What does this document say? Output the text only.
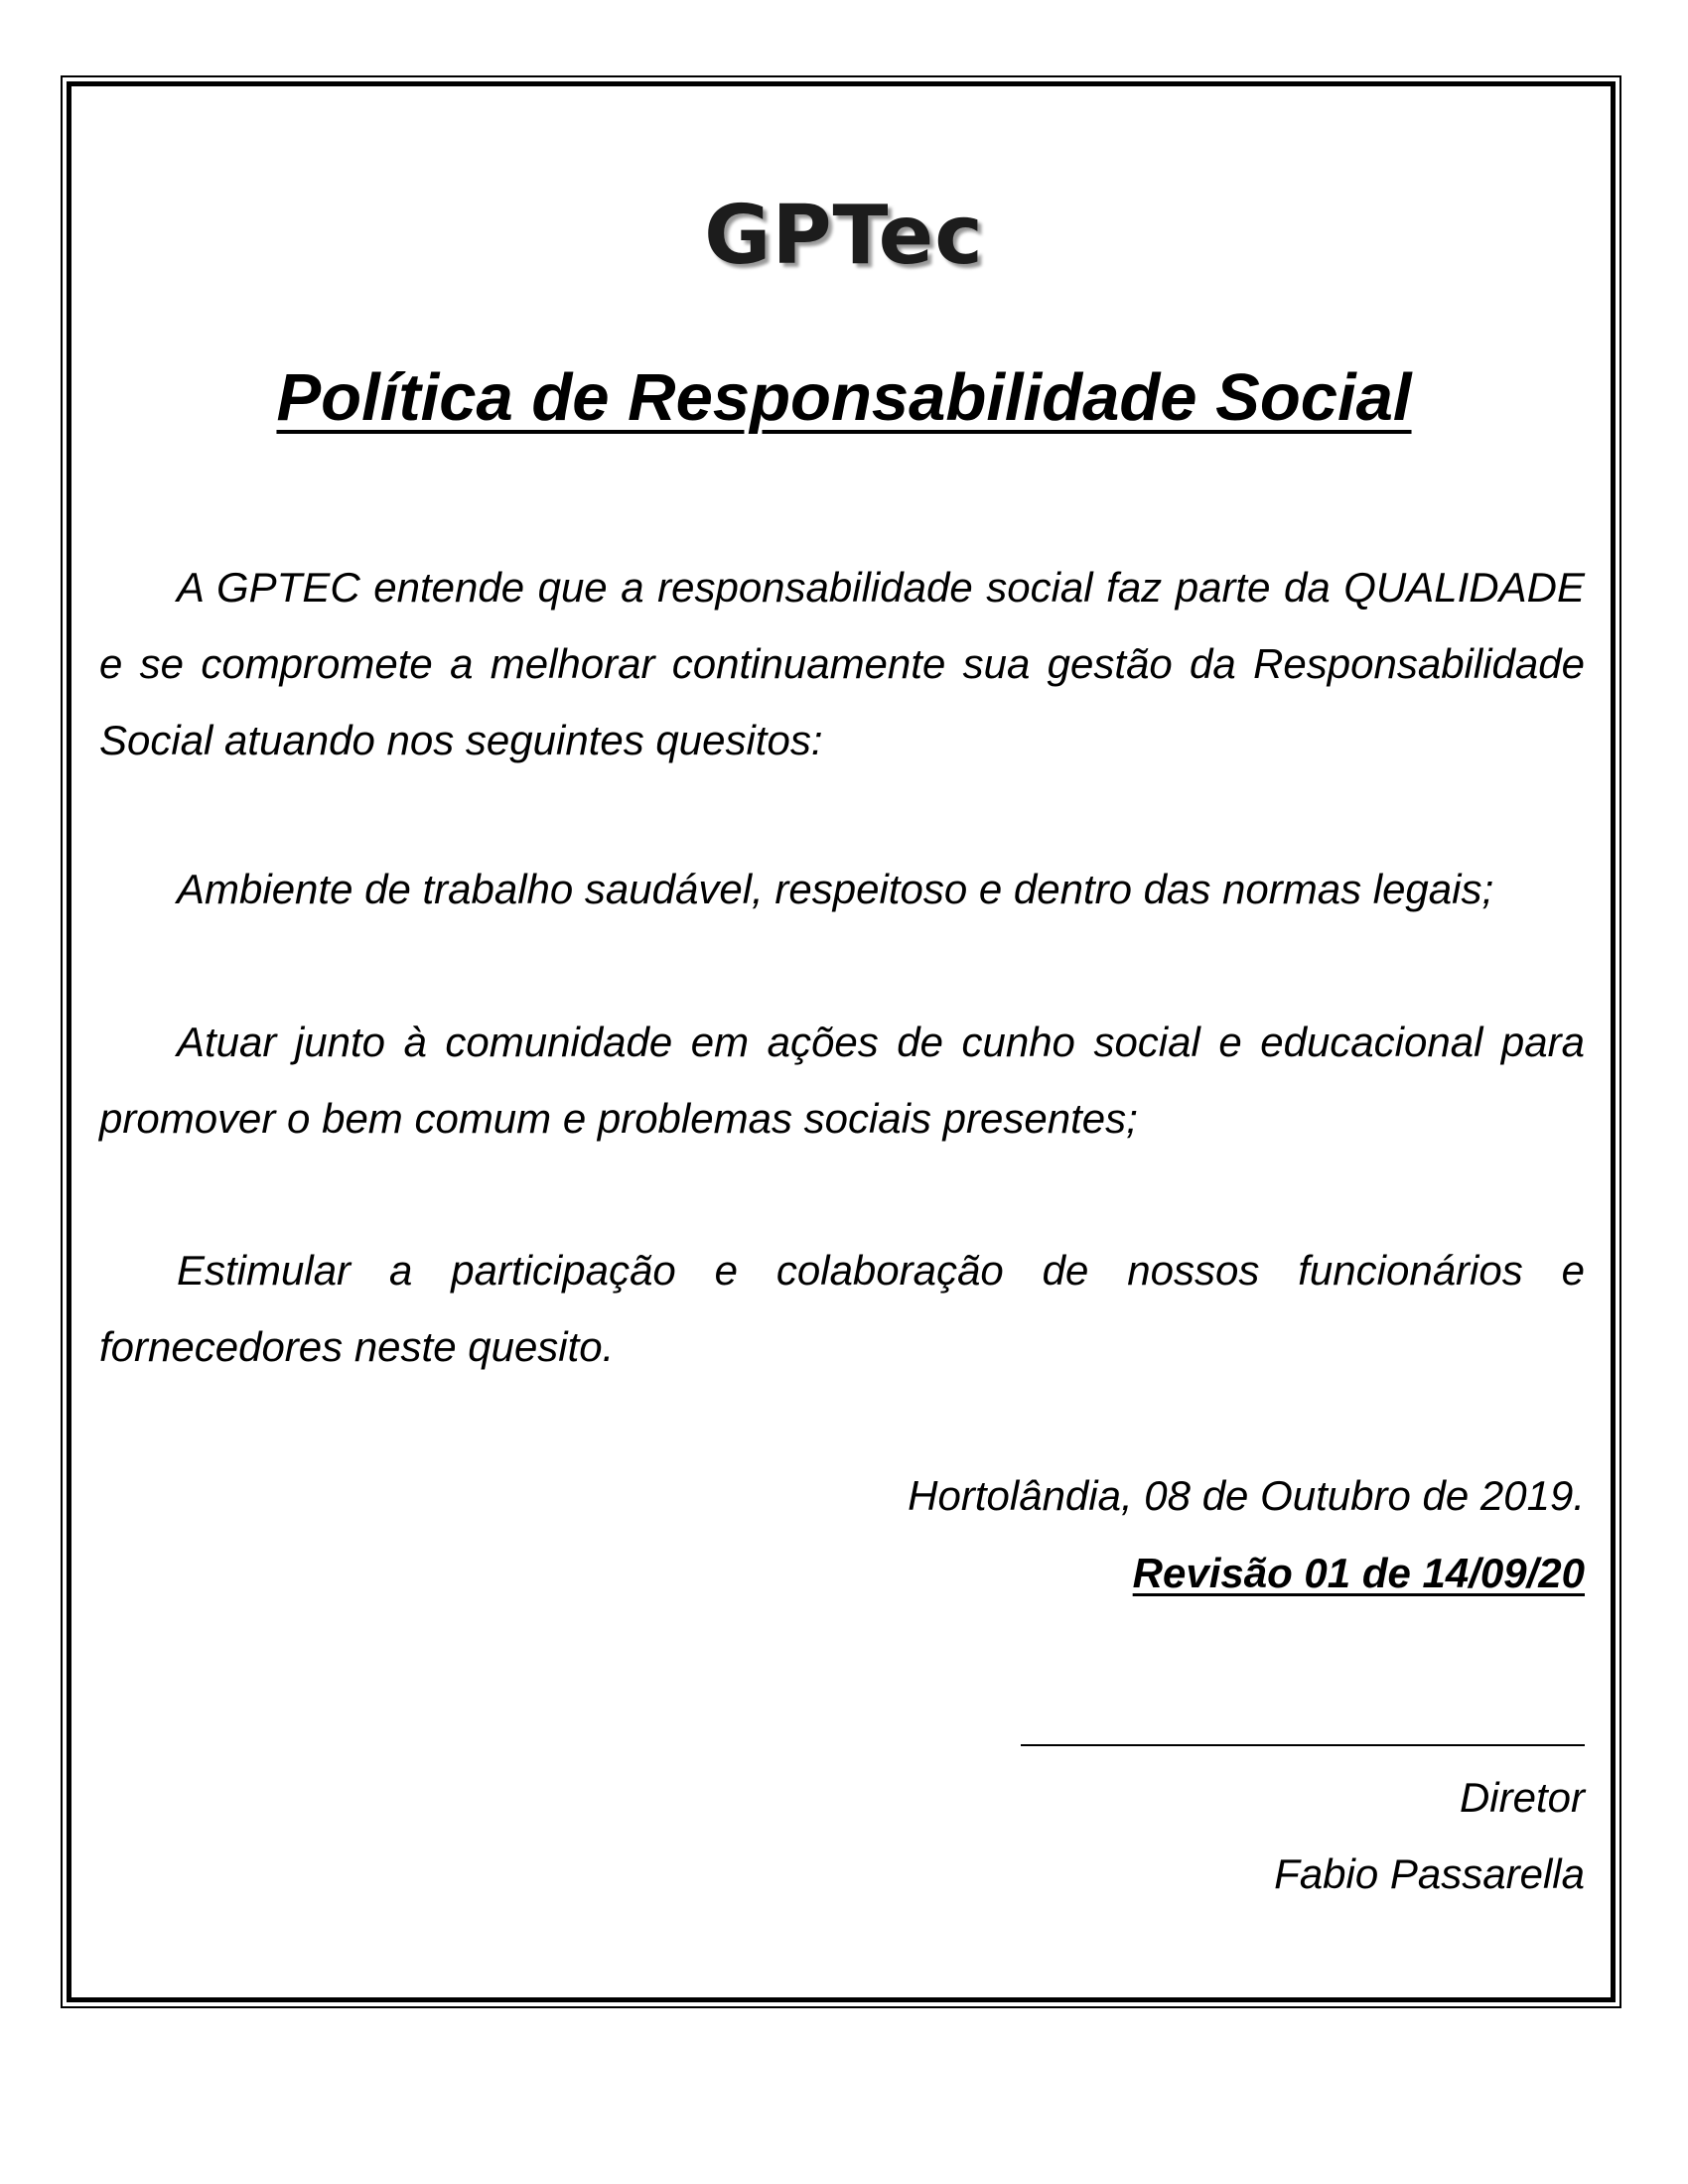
GPTec
Política de Responsabilidade Social

A GPTEC entende que a responsabilidade social faz parte da QUALIDADE e se compromete a melhorar continuamente sua gestão da Responsabilidade Social atuando nos seguintes quesitos:

Ambiente de trabalho saudável, respeitoso e dentro das normas legais;

Atuar junto à comunidade em ações de cunho social e educacional para promover o bem comum e problemas sociais presentes;

Estimular a participação e colaboração de nossos funcionários e fornecedores neste quesito.

Hortolândia, 08 de Outubro de 2019.
Revisão 01 de 14/09/20
Diretor
Fabio Passarella
